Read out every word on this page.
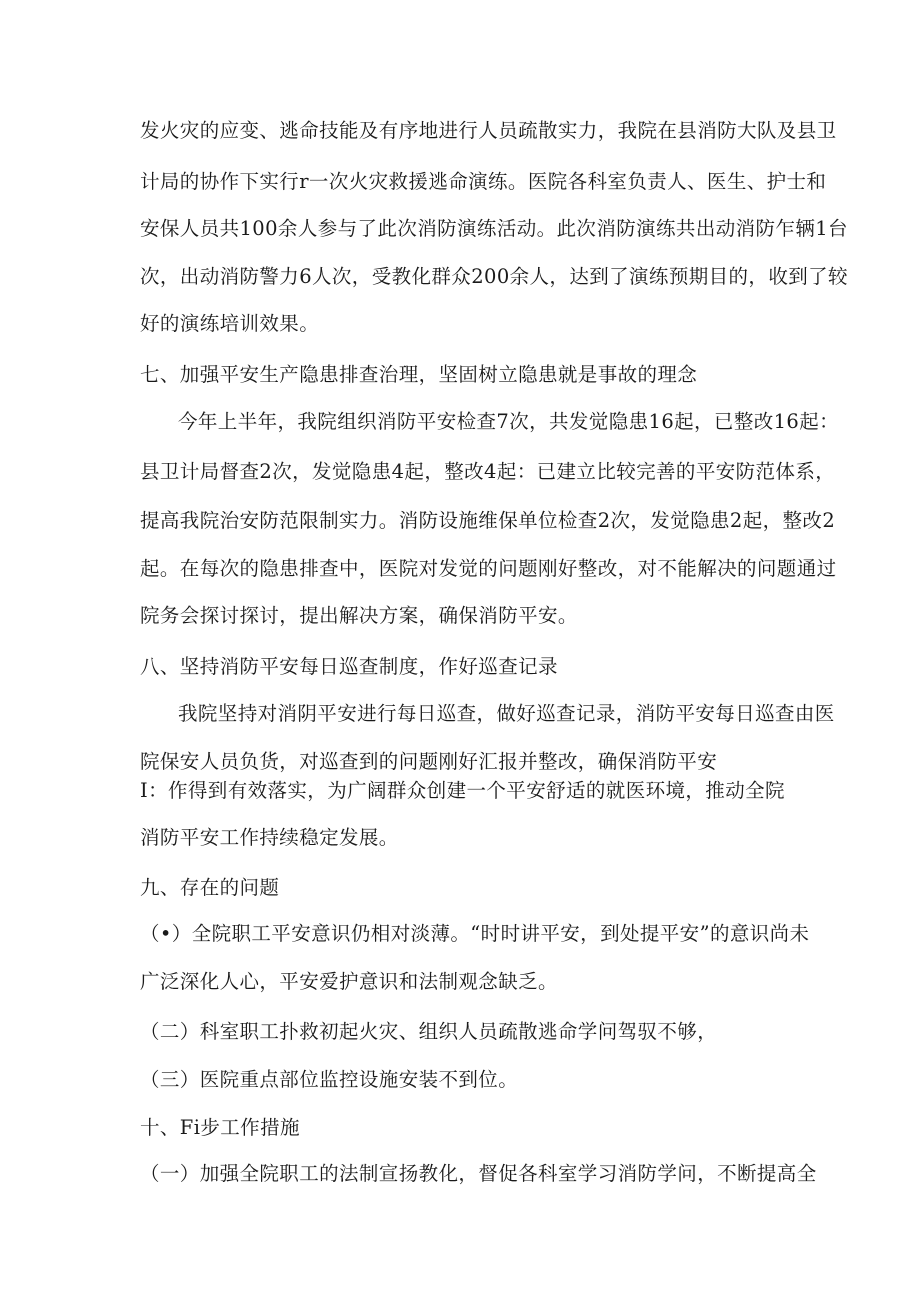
发火灾的应变、逃命技能及有序地进行人员疏散实力，我院在县消防大队及县卫
计局的协作下实行r一次火灾救援逃命演练。医院各科室负责人、医生、护士和
安保人员共100余人参与了此次消防演练活动。此次消防演练共出动消防乍辆1台
次，出动消防警力6人次，受教化群众200余人，达到了演练预期目的，收到了较
好的演练培训效果。
七、加强平安生产隐患排查治理，坚固树立隐患就是事故的理念
今年上半年，我院组织消防平安检查7次，共发觉隐患16起，已整改16起：
县卫计局督查2次，发觉隐患4起，整改4起：已建立比较完善的平安防范体系，
提高我院治安防范限制实力。消防设施维保单位检查2次，发觉隐患2起，整改2
起。在每次的隐患排查中，医院对发觉的问题刚好整改，对不能解决的问题通过
院务会探讨探讨，提出解决方案，确保消防平安。
八、坚持消防平安每日巡查制度，作好巡查记录
我院坚持对消阴平安进行每日巡查，做好巡查记录，消防平安每日巡查由医
院保安人员负货，对巡查到的问题刚好汇报并整改，确保消防平安
I：作得到有效落实，为广阔群众创建一个平安舒适的就医环境，推动全院
消防平安工作持续稳定发展。
九、存在的问题
（•）全院职工平安意识仍相对淡薄。“时时讲平安，到处提平安”的意识尚未
广泛深化人心，平安爱护意识和法制观念缺乏。
（二）科室职工扑救初起火灾、组织人员疏散逃命学问驾驭不够，
（三）医院重点部位监控设施安装不到位。
十、Fi步工作措施
（一）加强全院职工的法制宣扬教化，督促各科室学习消防学问，不断提高全
